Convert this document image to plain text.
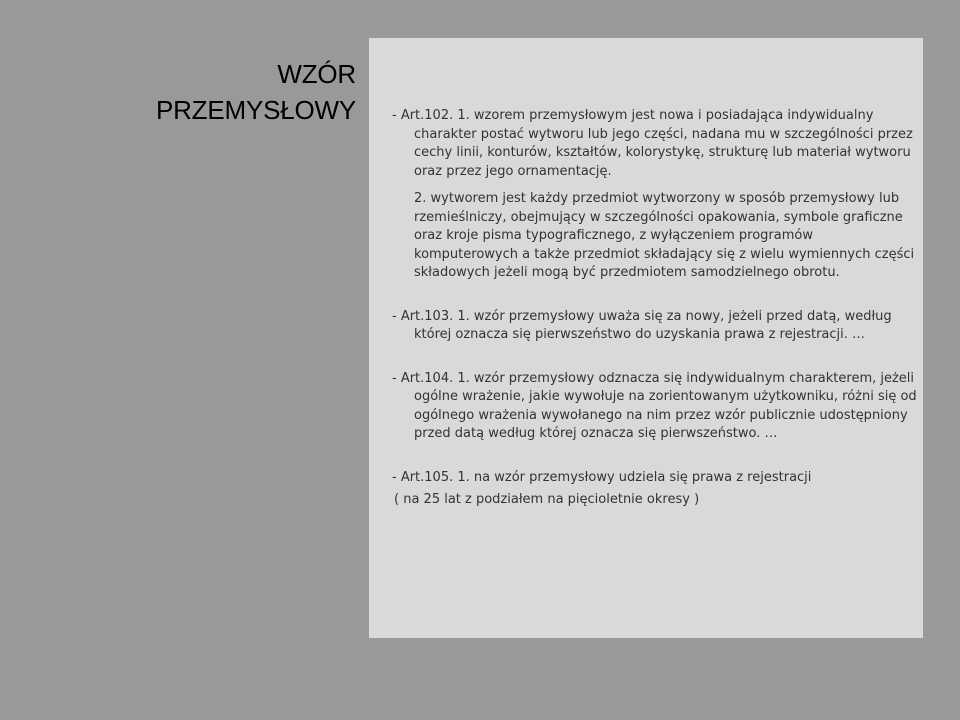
WZÓR
PRZEMYSŁOWY	- Art.102. 1. wzorem przemysłowym jest nowa i posiadająca indywidualny charakter postać wytworu lub jego części, nadana mu w szczególności przez cechy linii, konturów, kształtów, kolorystykę, strukturę lub materiał wytworu oraz przez jego ornamentację.

2. wytworem jest każdy przedmiot wytworzony w sposób przemysłowy lub rzemieślniczy, obejmujący w szczególności opakowania, symbole graficzne oraz kroje pisma typograficznego, z wyłączeniem programów komputerowych a także przedmiot składający się z wielu wymiennych części składowych jeżeli mogą być przedmiotem samodzielnego obrotu.

- Art.103. 1. wzór przemysłowy uważa się za nowy, jeżeli przed datą, według której oznacza się pierwszeństwo do uzyskania prawa z rejestracji. …

- Art.104. 1. wzór przemysłowy odznacza się indywidualnym charakterem, jeżeli ogólne wrażenie, jakie wywołuje na zorientowanym użytkowniku, różni się od ogólnego wrażenia wywołanego na nim przez wzór publicznie udostępniony przed datą według której oznacza się pierwszeństwo. …

- Art.105. 1. na wzór przemysłowy udziela się prawa z rejestracji

( na 25 lat z podziałem na pięcioletnie okresy )
